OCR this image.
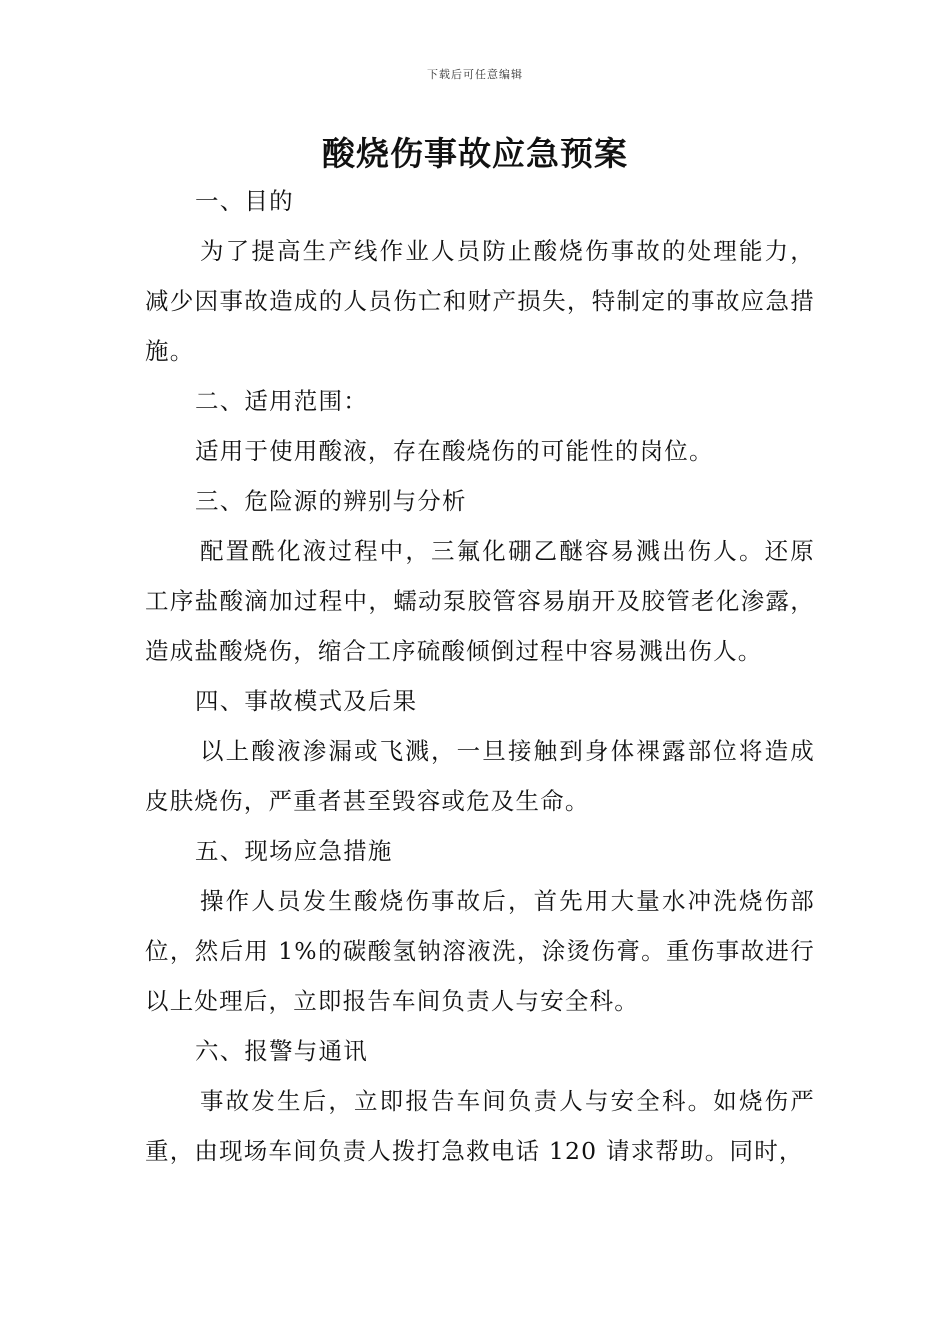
下载后可任意编辑
酸烧伤事故应急预案

一、目的

为了提高生产线作业人员防止酸烧伤事故的处理能力，减少因事故造成的人员伤亡和财产损失，特制定的事故应急措施。

二、适用范围：

适用于使用酸液，存在酸烧伤的可能性的岗位。

三、危险源的辨别与分析

配置酰化液过程中，三氟化硼乙醚容易溅出伤人。还原工序盐酸滴加过程中，蠕动泵胶管容易崩开及胶管老化渗露，造成盐酸烧伤，缩合工序硫酸倾倒过程中容易溅出伤人。

四、事故模式及后果

以上酸液渗漏或飞溅，一旦接触到身体裸露部位将造成皮肤烧伤，严重者甚至毁容或危及生命。

五、现场应急措施

操作人员发生酸烧伤事故后，首先用大量水冲洗烧伤部位，然后用 1%的碳酸氢钠溶液洗，涂烫伤膏。重伤事故进行以上处理后，立即报告车间负责人与安全科。

六、报警与通讯

事故发生后，立即报告车间负责人与安全科。如烧伤严重，由现场车间负责人拨打急救电话 120 请求帮助。同时，
